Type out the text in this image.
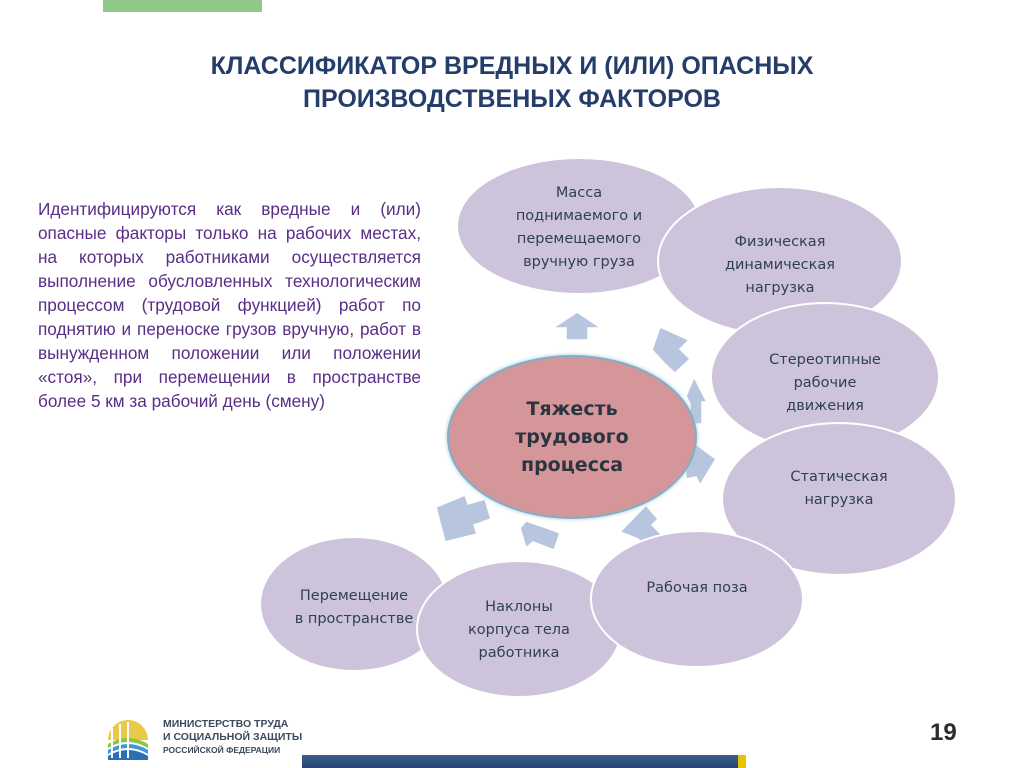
КЛАССИФИКАТОР ВРЕДНЫХ И (ИЛИ) ОПАСНЫХ
ПРОИЗВОДСТВЕНЫХ ФАКТОРОВ

Идентифицируются как вредные и (или) опасные факторы только на рабочих местах, на которых работниками осуществляется выполнение обусловленных технологическим процессом (трудовой функцией) работ по поднятию и переноске грузов вручную, работ в вынужденном положении или положении «стоя», при перемещении в пространстве более 5 км за рабочий день (смену)

Масса
поднимаемого и
перемещаемого
вручную груза
Физическая
динамическая
нагрузка
Стереотипные
рабочие
движения
Статическая
нагрузка
Перемещение
в пространстве
Наклоны
корпуса тела
работника
Рабочая поза
Тяжесть
трудового
процесса
МИНИСТЕРСТВО ТРУДА
И СОЦИАЛЬНОЙ ЗАЩИТЫ
РОССИЙСКОЙ ФЕДЕРАЦИИ
19
